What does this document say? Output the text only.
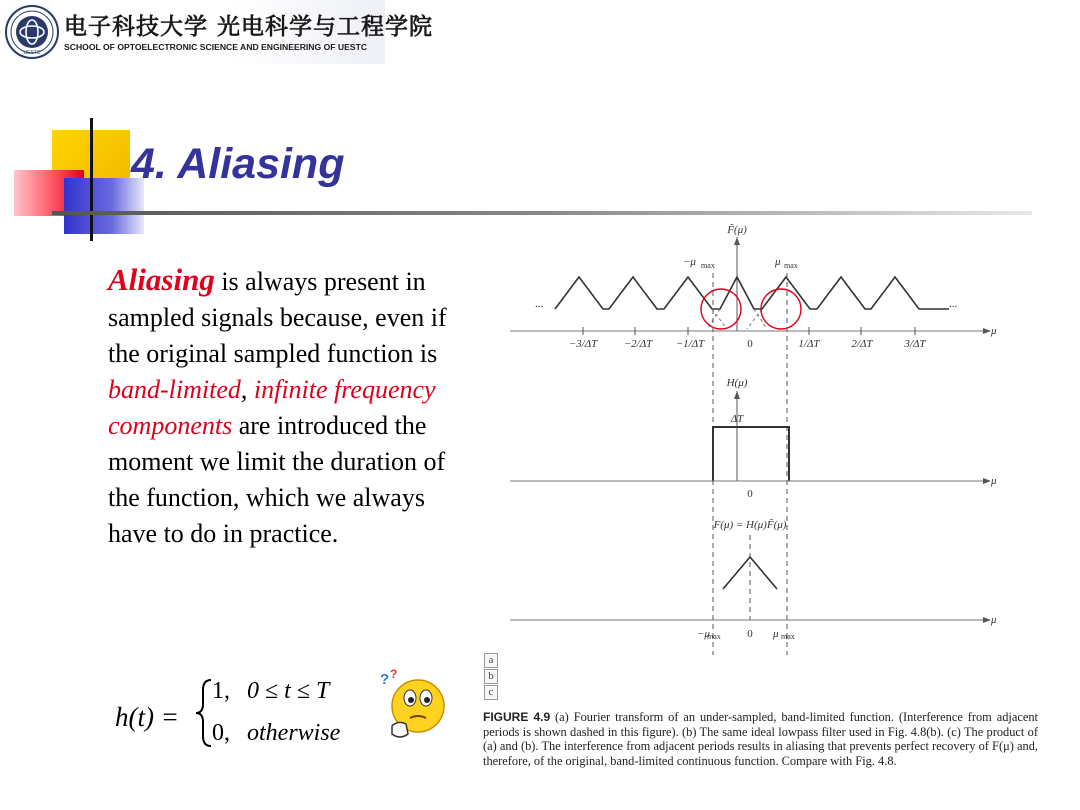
UESTC
电子科技大学 光电科学与工程学院
SCHOOL OF OPTOELECTRONIC SCIENCE AND ENGINEERING OF UESTC
4. Aliasing
Aliasing is always present in sampled signals because, even if the original sampled function is band-limited, infinite frequency components are introduced the moment we limit the duration of the function, which we always have to do in practice.
h(t) =
1, 0 ≤ t ≤ T
0, otherwise
? ?
F̃(μ)
μ
...	...
−μ max	μ max
−3/ΔT −2/ΔT −1/ΔT	0	1/ΔT	2/ΔT	3/ΔT
H(μ)
ΔT
μ
0
F(μ) = H(μ)F̃(μ)
μ
−μ
max 0 μ max
a
b
c
FIGURE 4.9 (a) Fourier transform of an under-sampled, band-limited function. (Interference from adjacent periods is shown dashed in this figure). (b) The same ideal lowpass filter used in Fig. 4.8(b). (c) The product of (a) and (b). The interference from adjacent periods results in aliasing that prevents perfect recovery of F(μ) and, therefore, of the original, band-limited continuous function. Compare with Fig. 4.8.
